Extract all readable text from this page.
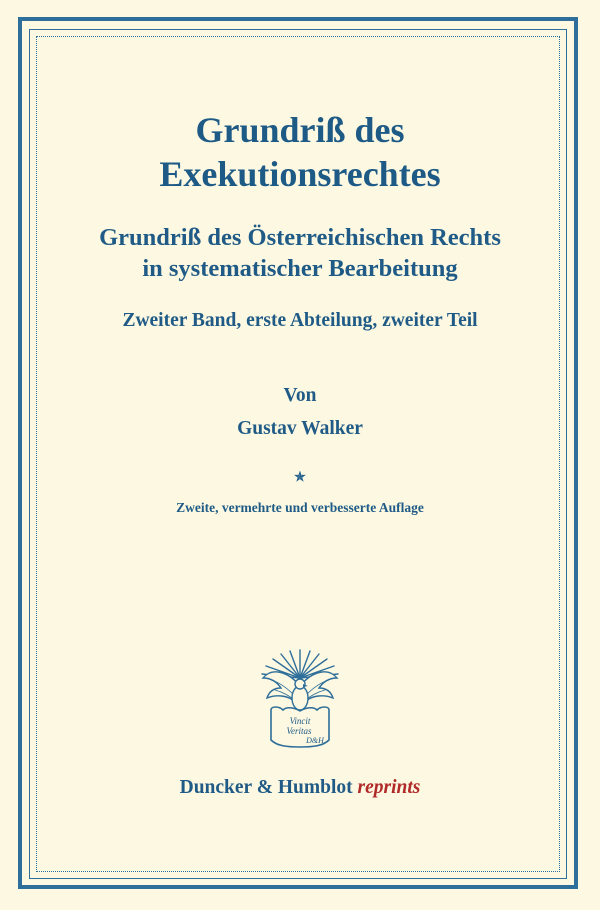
Grundriß des
Exekutionsrechtes
Grundriß des Österreichischen Rechts
in systematischer Bearbeitung
Zweiter Band, erste Abteilung, zweiter Teil
Von
Gustav Walker
✯
Zweite, vermehrte und verbesserte Auflage
Vincit
Veritas
D&H
Duncker & Humblot reprints
